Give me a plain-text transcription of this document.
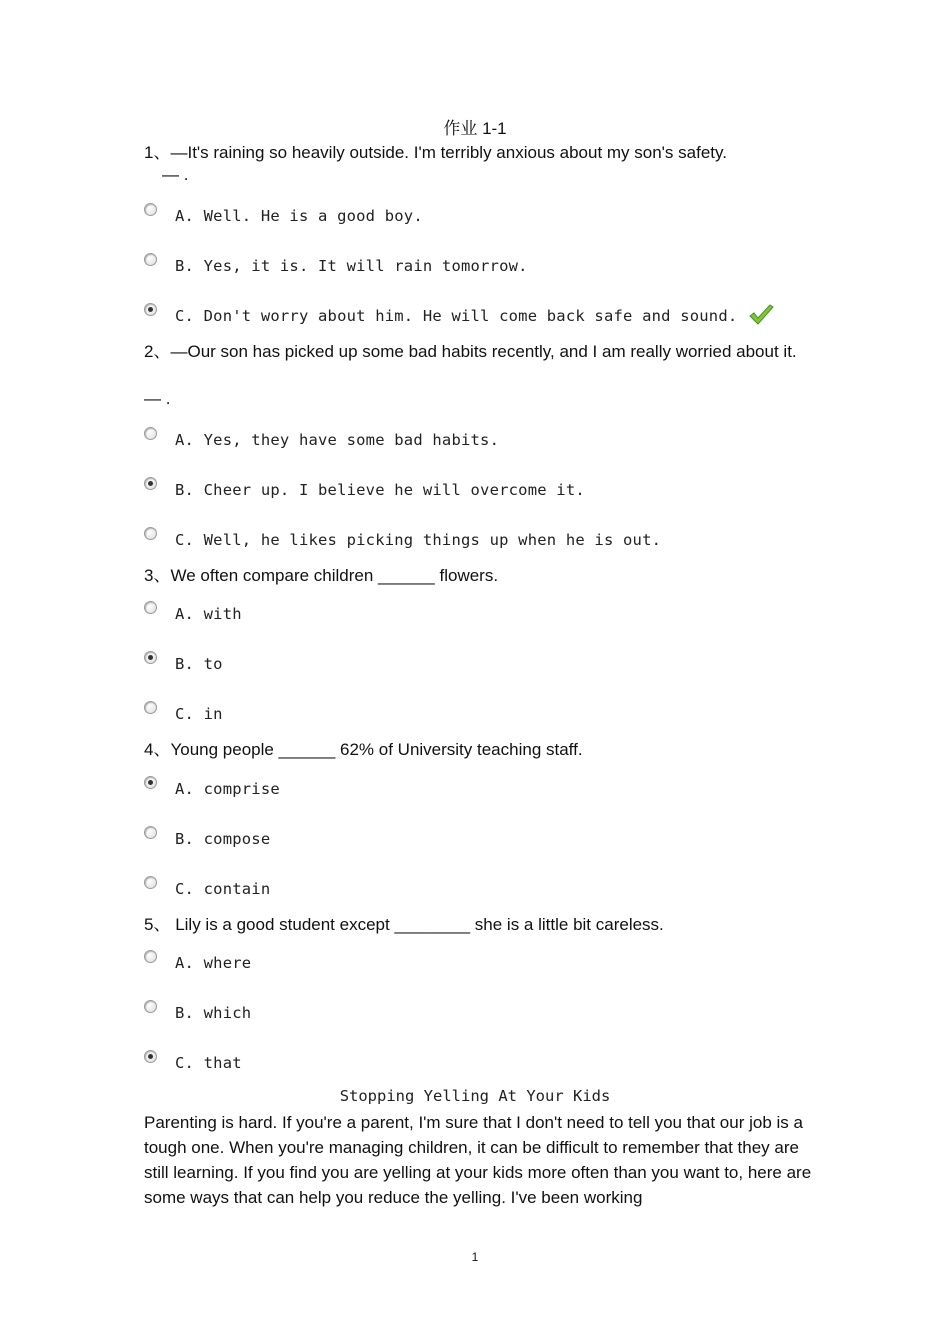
作业 1-1
1、—It's raining so heavily outside. I'm terribly anxious about my son's safety.
— .
A. Well. He is a good boy.
B. Yes, it is. It will rain tomorrow.
C. Don't worry about him. He will come back safe and sound.
2、—Our son has picked up some bad habits recently, and I am really worried about it.
— .
A. Yes, they have some bad habits.
B. Cheer up. I believe he will overcome it.
C. Well, he likes picking things up when he is out.
3、We often compare children ______ flowers.
A. with
B. to
C. in
4、Young people ______ 62% of University teaching staff.
A. comprise
B. compose
C. contain
5、 Lily is a good student except ________ she is a little bit careless.
A. where
B. which
C. that
Stopping Yelling At Your Kids
Parenting is hard. If you're a parent, I'm sure that I don't need to tell you that our job is a tough one. When you're managing children, it can be difficult to remember that they are still learning. If you find you are yelling at your kids more often than you want to, here are some ways that can help you reduce the yelling. I've been working
1
